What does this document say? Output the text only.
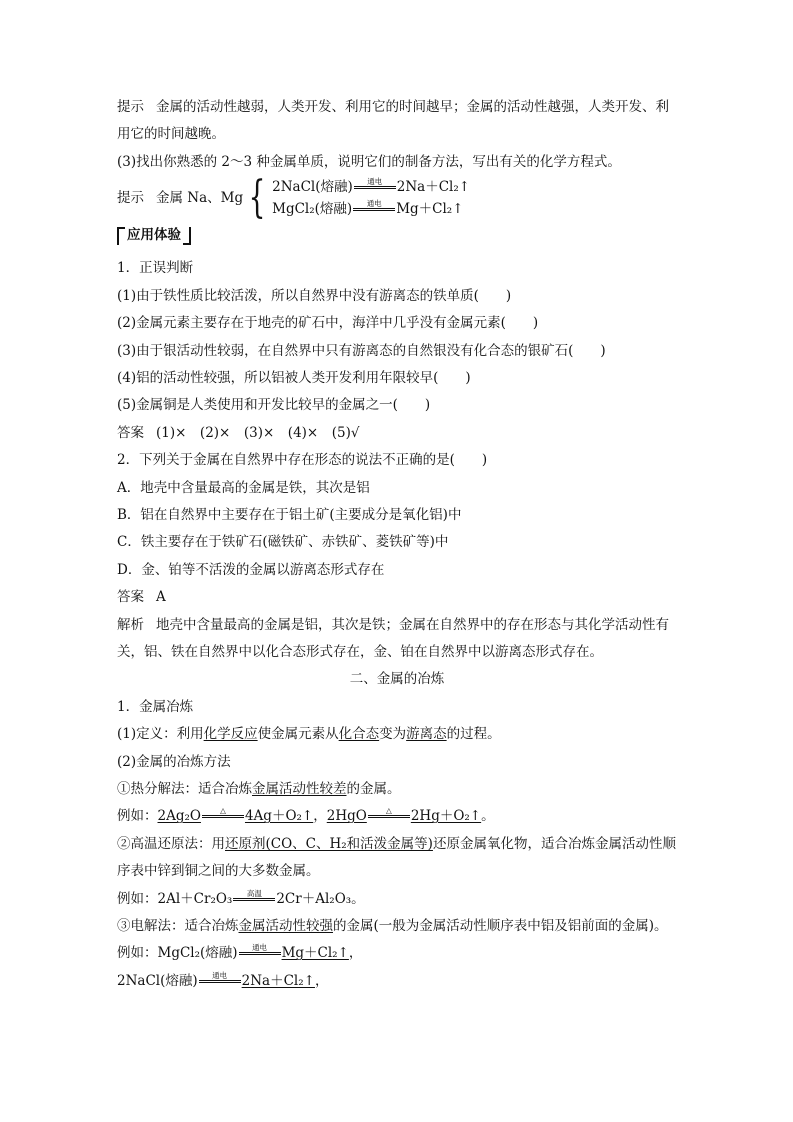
提示 金属的活动性越弱，人类开发、利用它的时间越早；金属的活动性越强，人类开发、利用它的时间越晚。
(3)找出你熟悉的 2～3 种金属单质，说明它们的制备方法，写出有关的化学方程式。
提示 金属 Na、Mg { 2NaCl(熔融) 通电 2Na＋Cl₂↑
MgCl₂(熔融) 通电 Mg＋Cl₂↑
应用体验
1．正误判断
(1)由于铁性质比较活泼，所以自然界中没有游离态的铁单质(　　)
(2)金属元素主要存在于地壳的矿石中，海洋中几乎没有金属元素(　　)
(3)由于银活动性较弱，在自然界中只有游离态的自然银没有化合态的银矿石(　　)
(4)铝的活动性较强，所以铝被人类开发利用年限较早(　　)
(5)金属铜是人类使用和开发比较早的金属之一(　　)
答案 (1)×　(2)×　(3)×　(4)×　(5)√
2．下列关于金属在自然界中存在形态的说法不正确的是(　　)
A．地壳中含量最高的金属是铁，其次是铝
B．铝在自然界中主要存在于铝土矿(主要成分是氧化铝)中
C．铁主要存在于铁矿石(磁铁矿、赤铁矿、菱铁矿等)中
D．金、铂等不活泼的金属以游离态形式存在
答案 A
解析 地壳中含量最高的金属是铝，其次是铁；金属在自然界中的存在形态与其化学活动性有关，铝、铁在自然界中以化合态形式存在，金、铂在自然界中以游离态形式存在。
二、金属的冶炼
1．金属冶炼
(1)定义：利用化学反应使金属元素从化合态变为游离态的过程。
(2)金属的冶炼方法
①热分解法：适合冶炼金属活动性较差的金属。
例如：2Ag₂O	△ 4Ag＋O₂↑，2HgO	△ 2Hg＋O₂↑。
②高温还原法：用还原剂(CO、C、H₂和活泼金属等)还原金属氧化物，适合冶炼金属活动性顺序表中锌到铜之间的大多数金属。
例如：2Al＋Cr₂O₃ 高温 2Cr＋Al₂O₃。
③电解法：适合冶炼金属活动性较强的金属(一般为金属活动性顺序表中铝及铝前面的金属)。
例如：MgCl₂(熔融) 通电 Mg＋Cl₂↑，
2NaCl(熔融) 通电 2Na＋Cl₂↑，
